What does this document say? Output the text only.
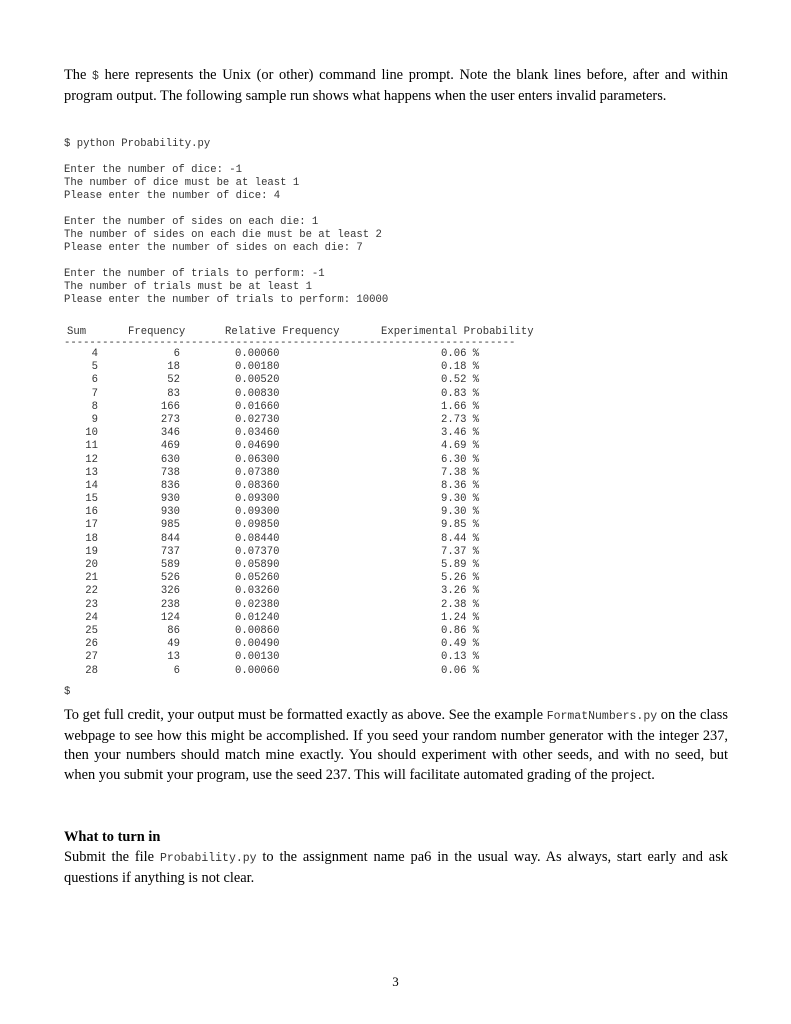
The $ here represents the Unix (or other) command line prompt. Note the blank lines before, after and within program output. The following sample run shows what happens when the user enters invalid parameters.

$ python Probability.py

Enter the number of dice: -1

The number of dice must be at least 1

Please enter the number of dice: 4

Enter the number of sides on each die: 1

The number of sides on each die must be at least 2

Please enter the number of sides on each die: 7

Enter the number of trials to perform: -1

The number of trials must be at least 1

Please enter the number of trials to perform: 10000

Sum	Frequency	Relative Frequency	Experimental Probability

-----------------------------------------------------------------------

4	6	0.00060	0.06 %
5	18	0.00180	0.18 %
6	52	0.00520	0.52 %
7	83	0.00830	0.83 %
8	166	0.01660	1.66 %
9	273	0.02730	2.73 %
10	346	0.03460	3.46 %
11	469	0.04690	4.69 %
12	630	0.06300	6.30 %
13	738	0.07380	7.38 %
14	836	0.08360	8.36 %
15	930	0.09300	9.30 %
16	930	0.09300	9.30 %
17	985	0.09850	9.85 %
18	844	0.08440	8.44 %
19	737	0.07370	7.37 %
20	589	0.05890	5.89 %
21	526	0.05260	5.26 %
22	326	0.03260	3.26 %
23	238	0.02380	2.38 %
24	124	0.01240	1.24 %
25	86	0.00860	0.86 %
26	49	0.00490	0.49 %
27	13	0.00130	0.13 %
28	6	0.00060	0.06 %

$

To get full credit, your output must be formatted exactly as above. See the example FormatNumbers.py on the class webpage to see how this might be accomplished. If you seed your random number generator with the integer 237, then your numbers should match mine exactly. You should experiment with other seeds, and with no seed, but when you submit your program, use the seed 237. This will facilitate automated grading of the project.

What to turn in

Submit the file Probability.py to the assignment name pa6 in the usual way. As always, start early and ask questions if anything is not clear.

3
